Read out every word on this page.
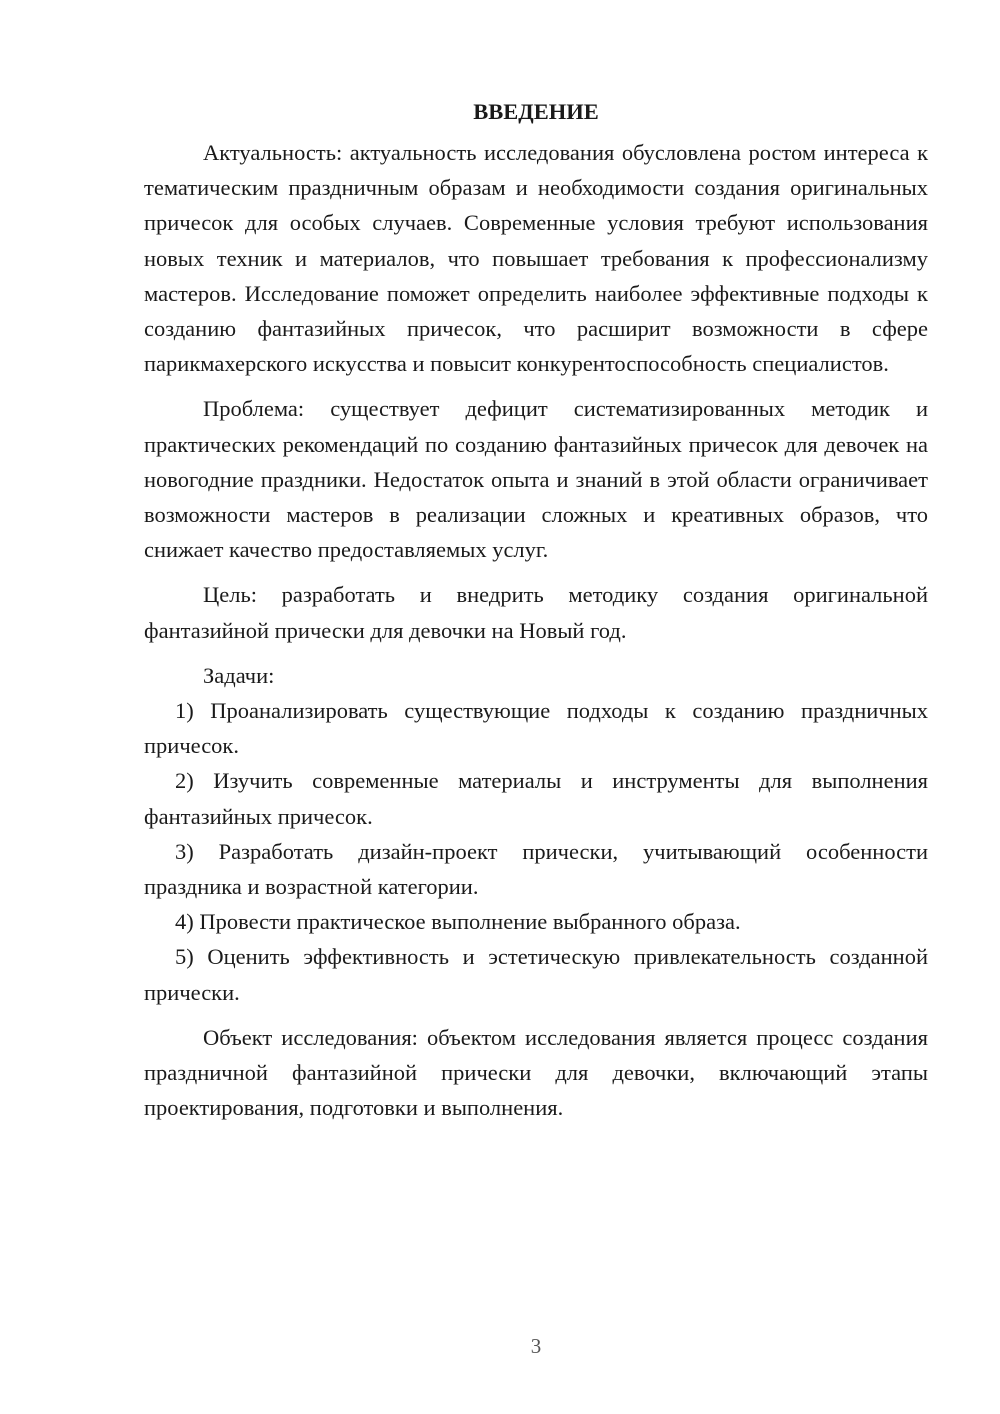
ВВЕДЕНИЕ

Актуальность: актуальность исследования обусловлена ростом интереса к тематическим праздничным образам и необходимости создания оригинальных причесок для особых случаев. Современные условия требуют использования новых техник и материалов, что повышает требования к профессионализму мастеров. Исследование поможет определить наиболее эффективные подходы к созданию фантазийных причесок, что расширит возможности в сфере парикмахерского искусства и повысит конкурентоспособность специалистов.

Проблема: существует дефицит систематизированных методик и практических рекомендаций по созданию фантазийных причесок для девочек на новогодние праздники. Недостаток опыта и знаний в этой области ограничивает возможности мастеров в реализации сложных и креативных образов, что снижает качество предоставляемых услуг.

Цель: разработать и внедрить методику создания оригинальной фантазийной прически для девочки на Новый год.

Задачи:

1) Проанализировать существующие подходы к созданию праздничных причесок.

2) Изучить современные материалы и инструменты для выполнения фантазийных причесок.

3) Разработать дизайн-проект прически, учитывающий особенности праздника и возрастной категории.

4) Провести практическое выполнение выбранного образа.

5) Оценить эффективность и эстетическую привлекательность созданной прически.

Объект исследования: объектом исследования является процесс создания праздничной фантазийной прически для девочки, включающий этапы проектирования, подготовки и выполнения.

3
